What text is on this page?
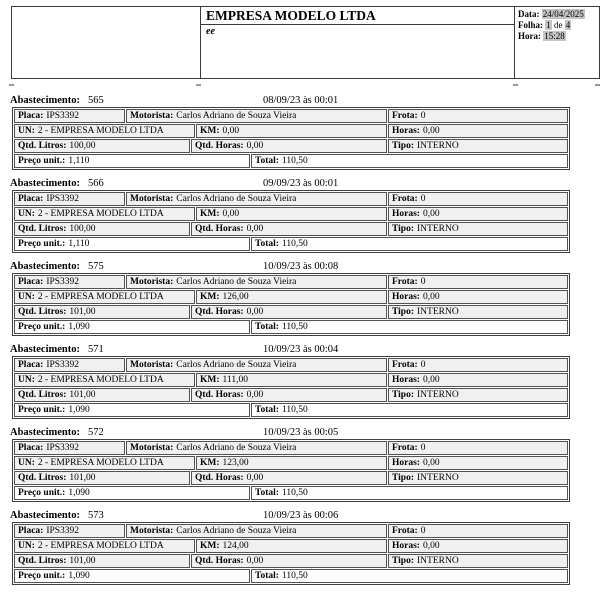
EMPRESA MODELO LTDA
ee
Data: 24/04/2025
Folha: 1 de 4
Hora: 15:28
Abastecimento: 565	08/09/23 às 00:01
Placa: IPS3392	Motorista: Carlos Adriano de Souza Vieira	Frota: 0
UN: 2 - EMPRESA MODELO LTDA	KM: 0,00	Horas: 0,00
Qtd. Litros: 100,00	Qtd. Horas: 0,00	Tipo: INTERNO
Preço unit.: 1,110	Total: 110,50
Abastecimento: 566	09/09/23 às 00:01
Placa: IPS3392	Motorista: Carlos Adriano de Souza Vieira	Frota: 0
UN: 2 - EMPRESA MODELO LTDA	KM: 0,00	Horas: 0,00
Qtd. Litros: 100,00	Qtd. Horas: 0,00	Tipo: INTERNO
Preço unit.: 1,110	Total: 110,50
Abastecimento: 575	10/09/23 às 00:08
Placa: IPS3392	Motorista: Carlos Adriano de Souza Vieira	Frota: 0
UN: 2 - EMPRESA MODELO LTDA	KM: 126,00	Horas: 0,00
Qtd. Litros: 101,00	Qtd. Horas: 0,00	Tipo: INTERNO
Preço unit.: 1,090	Total: 110,50
Abastecimento: 571	10/09/23 às 00:04
Placa: IPS3392	Motorista: Carlos Adriano de Souza Vieira	Frota: 0
UN: 2 - EMPRESA MODELO LTDA	KM: 111,00	Horas: 0,00
Qtd. Litros: 101,00	Qtd. Horas: 0,00	Tipo: INTERNO
Preço unit.: 1,090	Total: 110,50
Abastecimento: 572	10/09/23 às 00:05
Placa: IPS3392	Motorista: Carlos Adriano de Souza Vieira	Frota: 0
UN: 2 - EMPRESA MODELO LTDA	KM: 123,00	Horas: 0,00
Qtd. Litros: 101,00	Qtd. Horas: 0,00	Tipo: INTERNO
Preço unit.: 1,090	Total: 110,50
Abastecimento: 573	10/09/23 às 00:06
Placa: IPS3392	Motorista: Carlos Adriano de Souza Vieira	Frota: 0
UN: 2 - EMPRESA MODELO LTDA	KM: 124,00	Horas: 0,00
Qtd. Litros: 101,00	Qtd. Horas: 0,00	Tipo: INTERNO
Preço unit.: 1,090	Total: 110,50
